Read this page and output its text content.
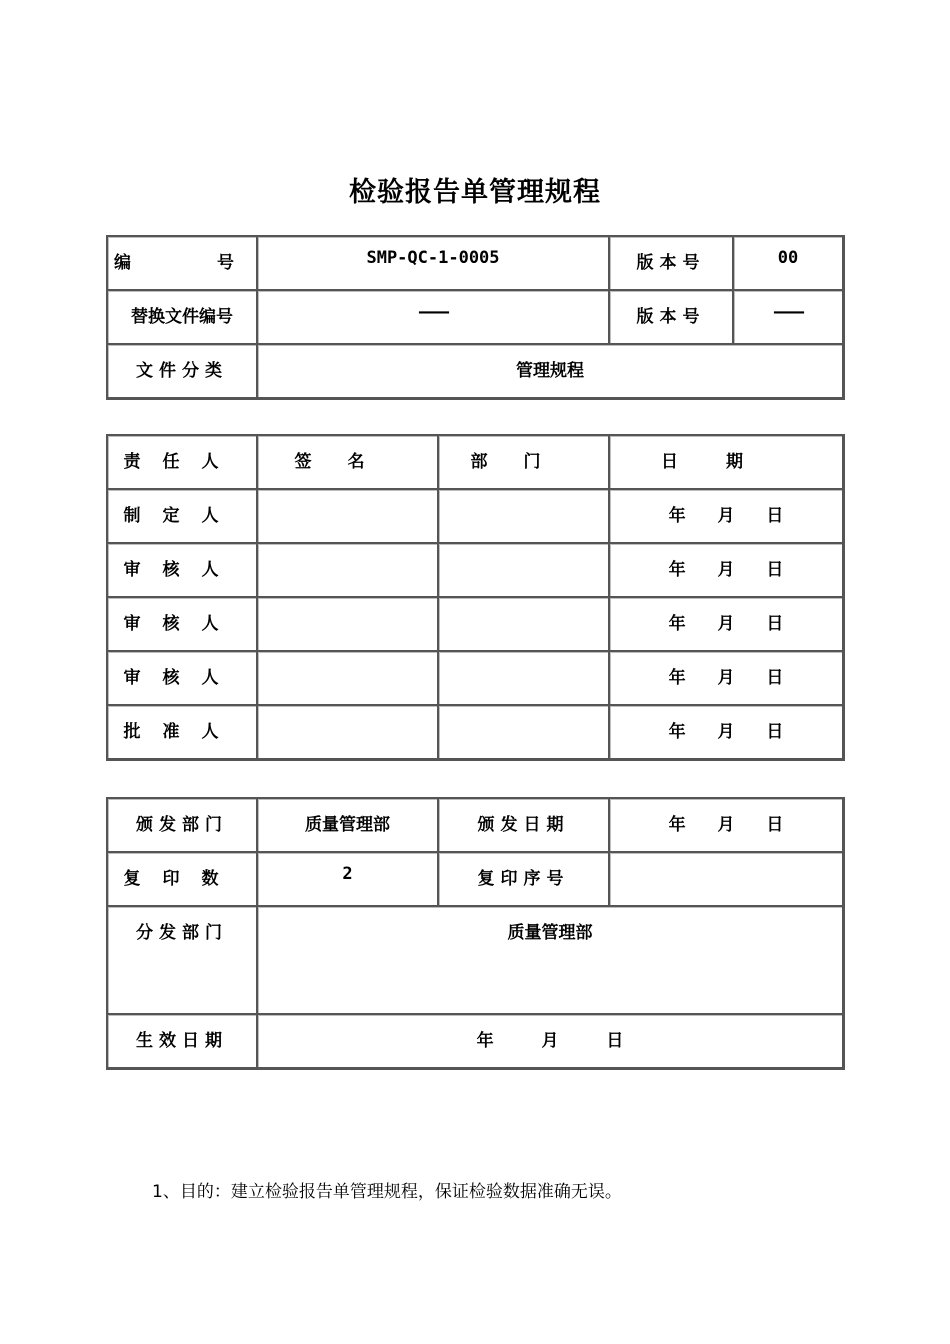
检验报告单管理规程
编号	SMP-QC-1-0005	版本号	00
替换文件编号	——	版本号	——
文件分类	管理规程		
责任人	签名	部门	日期
制定人			年  月  日
审核人			年  月  日
审核人			年  月  日
审核人			年  月  日
批准人			年  月  日
颁发部门	质量管理部	颁发日期	年  月  日
复印数	2	复印序号	
分发部门	质量管理部		
生效日期	年  月  日		
1、目的：建立检验报告单管理规程，保证检验数据准确无误。
